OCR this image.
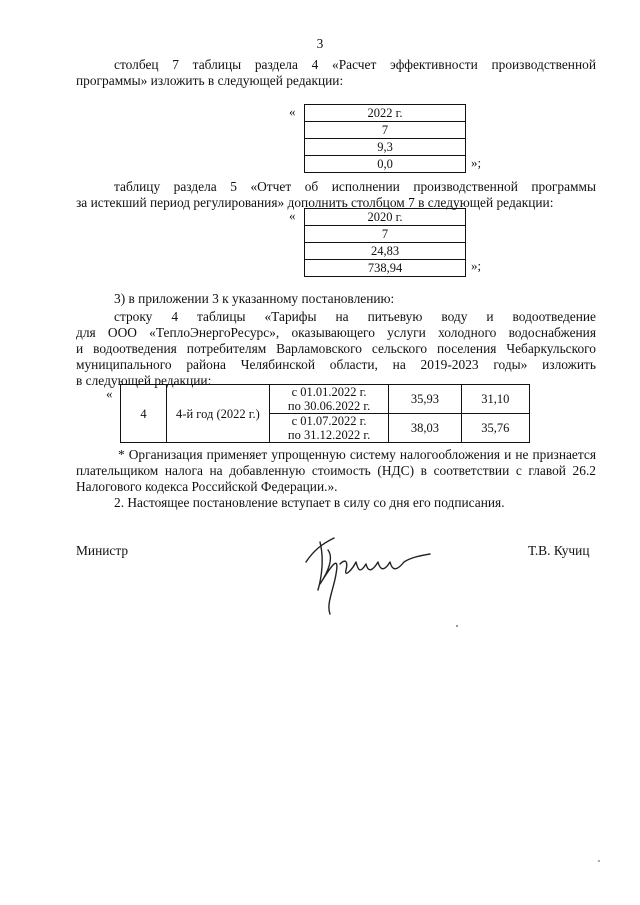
3
столбец 7 таблицы раздела 4 «Расчет эффективности производственной
программы» изложить в следующей редакции:
«	2022 г.
7
9,3
0,0	»;
таблицу раздела 5 «Отчет об исполнении производственной программы
за истекший период регулирования» дополнить столбцом 7 в следующей редакции:
«	2020 г.
7
24,83
738,94	»;
3) в приложении 3 к указанному постановлению:
строку 4 таблицы «Тарифы на питьевую воду и водоотведение
для ООО «ТеплоЭнергоРесурс», оказывающего услуги холодного водоснабжения
и водоотведения потребителям Варламовского сельского поселения Чебаркульского
муниципального района Челябинской области, на 2019-2023 годы» изложить
в следующей редакции:
«
4	4-й год (2022 г.)	с 01.01.2022 г.
по 30.06.2022 г.	35,93	31,10

		с 01.07.2022 г.
по 31.12.2022 г.	38,03	35,76
* Организация применяет упрощенную систему налогообложения и не признается
плательщиком налога на добавленную стоимость (НДС) в соответствии с главой 26.2
Налогового кодекса Российской Федерации.».
2. Настоящее постановление вступает в силу со дня его подписания.
Министр	Т.В. Кучиц
